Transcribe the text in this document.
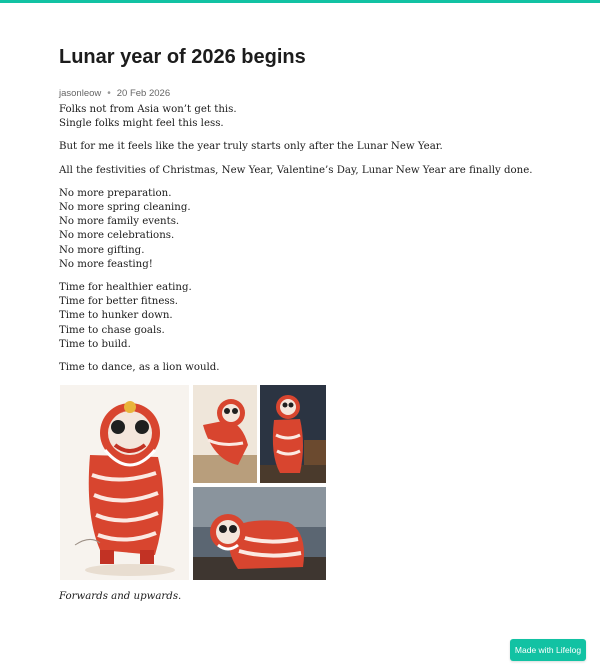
Lunar year of 2026 begins
jasonleow • 20 Feb 2026

Folks not from Asia won’t get this.
Single folks might feel this less.

But for me it feels like the year truly starts only after the Lunar New Year.

All the festivities of Christmas, New Year, Valentine’s Day, Lunar New Year are finally done.

No more preparation.
No more spring cleaning.
No more family events.
No more celebrations.
No more gifting.
No more feasting!

Time for healthier eating.
Time for better fitness.
Time to hunker down.
Time to chase goals.
Time to build.

Time to dance, as a lion would.

Forwards and upwards.
Made with Lifelog
